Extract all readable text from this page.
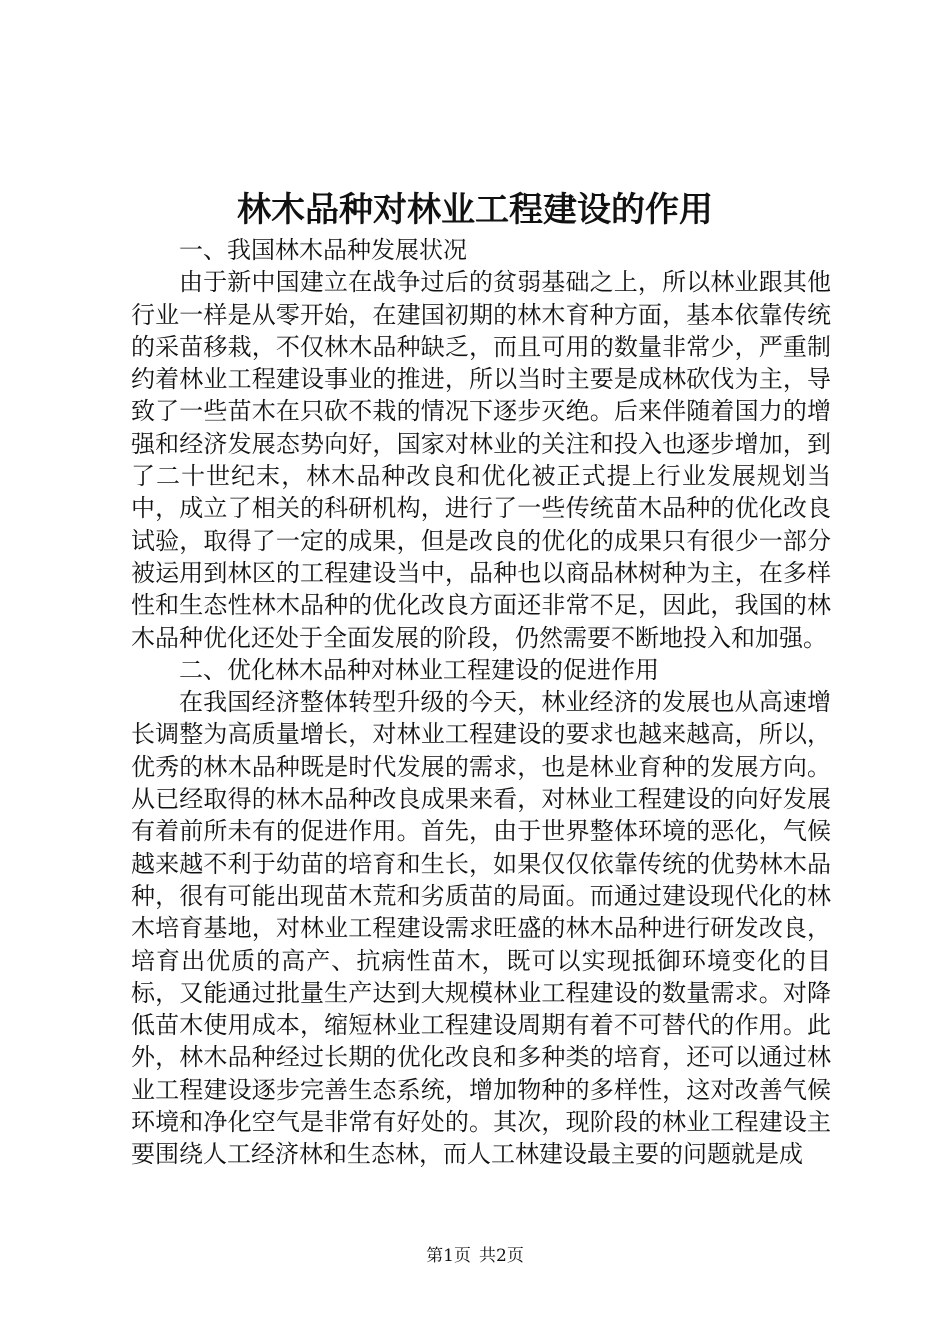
林木品种对林业工程建设的作用

一、我国林木品种发展状况

由于新中国建立在战争过后的贫弱基础之上，所以林业跟其他行业一样是从零开始，在建国初期的林木育种方面，基本依靠传统的采苗移栽，不仅林木品种缺乏，而且可用的数量非常少，严重制约着林业工程建设事业的推进，所以当时主要是成林砍伐为主，导致了一些苗木在只砍不栽的情况下逐步灭绝。后来伴随着国力的增强和经济发展态势向好，国家对林业的关注和投入也逐步增加，到了二十世纪末，林木品种改良和优化被正式提上行业发展规划当中，成立了相关的科研机构，进行了一些传统苗木品种的优化改良试验，取得了一定的成果，但是改良的优化的成果只有很少一部分被运用到林区的工程建设当中，品种也以商品林树种为主，在多样性和生态性林木品种的优化改良方面还非常不足，因此，我国的林木品种优化还处于全面发展的阶段，仍然需要不断地投入和加强。

二、优化林木品种对林业工程建设的促进作用

在我国经济整体转型升级的今天，林业经济的发展也从高速增长调整为高质量增长，对林业工程建设的要求也越来越高，所以，优秀的林木品种既是时代发展的需求，也是林业育种的发展方向。从已经取得的林木品种改良成果来看，对林业工程建设的向好发展有着前所未有的促进作用。首先，由于世界整体环境的恶化，气候越来越不利于幼苗的培育和生长，如果仅仅依靠传统的优势林木品种，很有可能出现苗木荒和劣质苗的局面。而通过建设现代化的林木培育基地，对林业工程建设需求旺盛的林木品种进行研发改良，培育出优质的高产、抗病性苗木，既可以实现抵御环境变化的目标，又能通过批量生产达到大规模林业工程建设的数量需求。对降低苗木使用成本，缩短林业工程建设周期有着不可替代的作用。此外，林木品种经过长期的优化改良和多种类的培育，还可以通过林业工程建设逐步完善生态系统，增加物种的多样性，这对改善气候环境和净化空气是非常有好处的。其次，现阶段的林业工程建设主要围绕人工经济林和生态林，而人工林建设最主要的问题就是成

第1页 共2页
